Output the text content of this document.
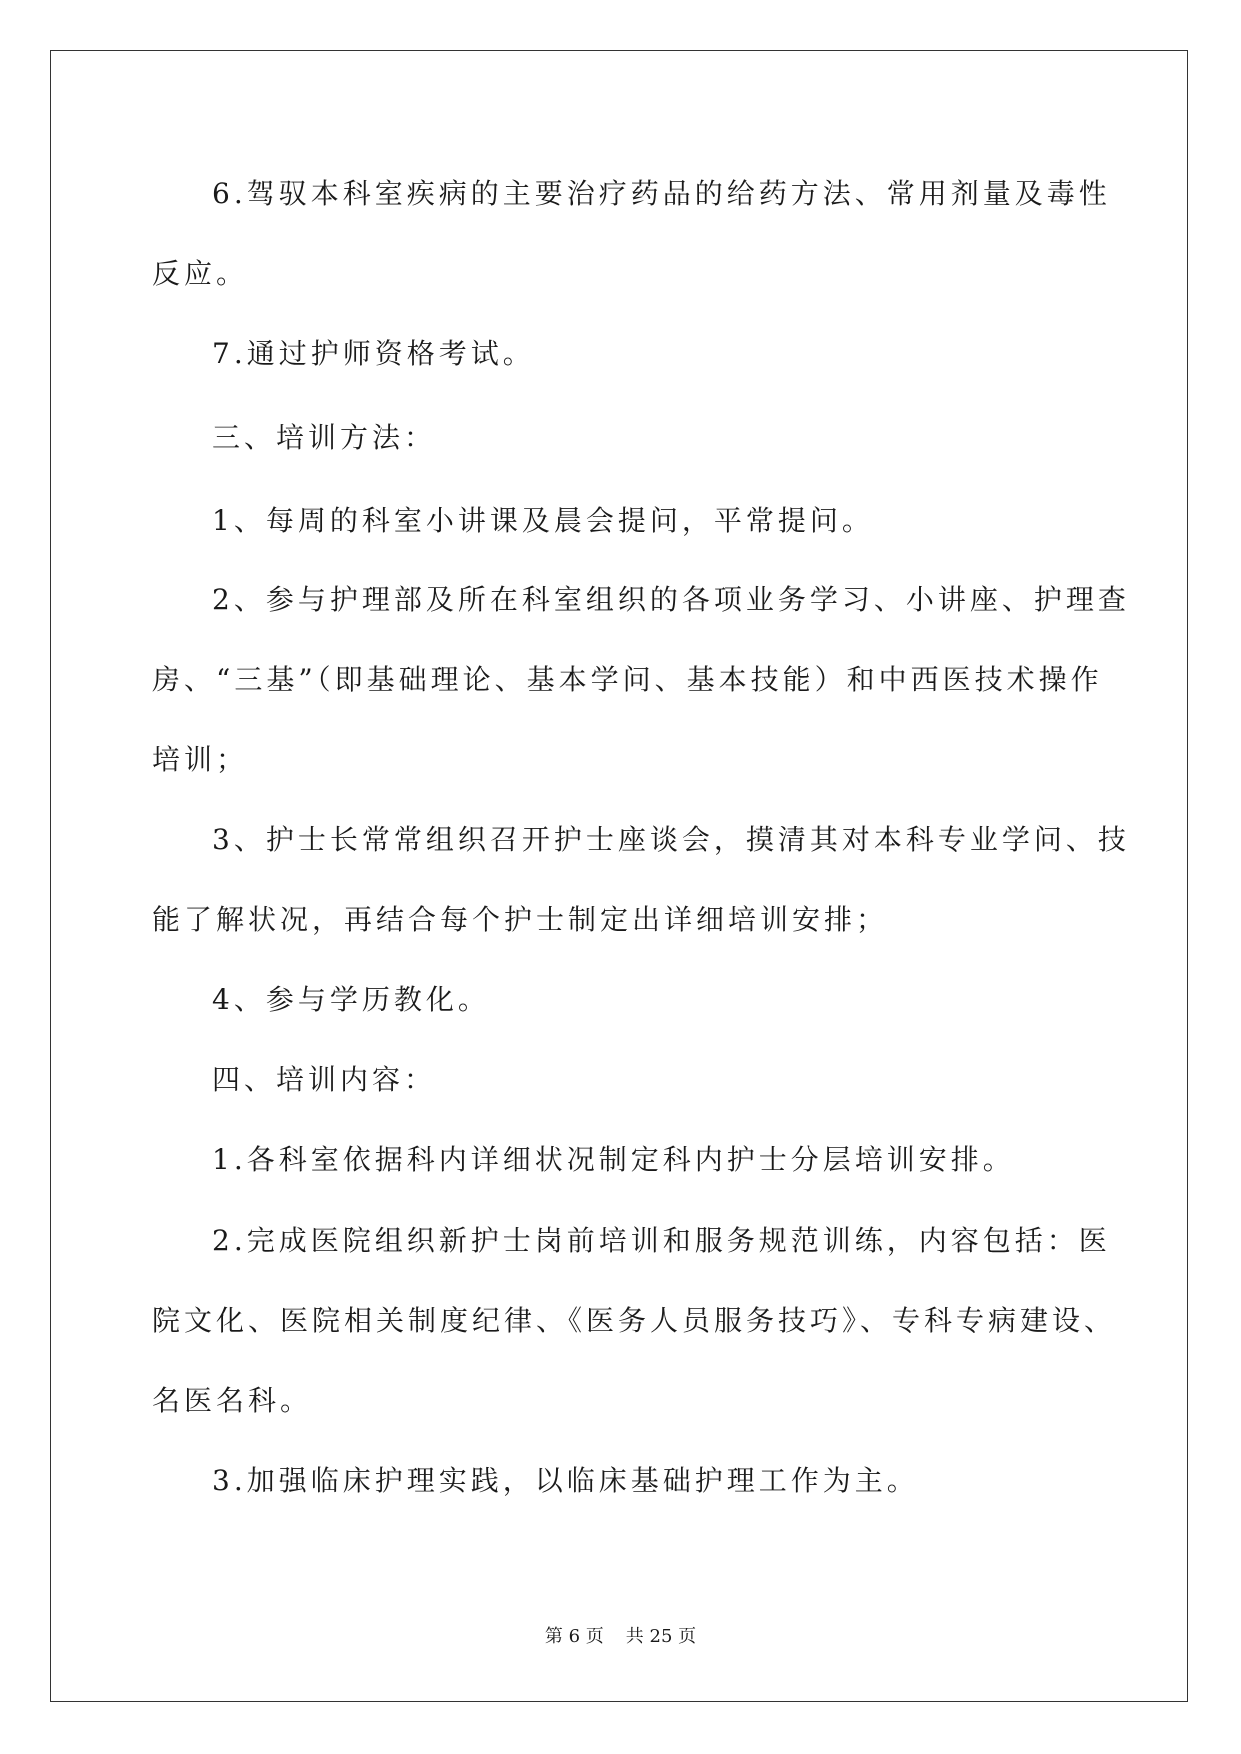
6.驾驭本科室疾病的主要治疗药品的给药方法、常用剂量及毒性

反应。

7.通过护师资格考试。

三、培训方法：

1、每周的科室小讲课及晨会提问，平常提问。

2、参与护理部及所在科室组织的各项业务学习、小讲座、护理查

房、“三基”（即基础理论、基本学问、基本技能）和中西医技术操作

培训；

3、护士长常常组织召开护士座谈会，摸清其对本科专业学问、技

能了解状况，再结合每个护士制定出详细培训安排；

4、参与学历教化。

四、培训内容：

1.各科室依据科内详细状况制定科内护士分层培训安排。

2.完成医院组织新护士岗前培训和服务规范训练，内容包括：医

院文化、医院相关制度纪律、《医务人员服务技巧》、专科专病建设、

名医名科。

3.加强临床护理实践，以临床基础护理工作为主。

第 6 页 共 25 页
